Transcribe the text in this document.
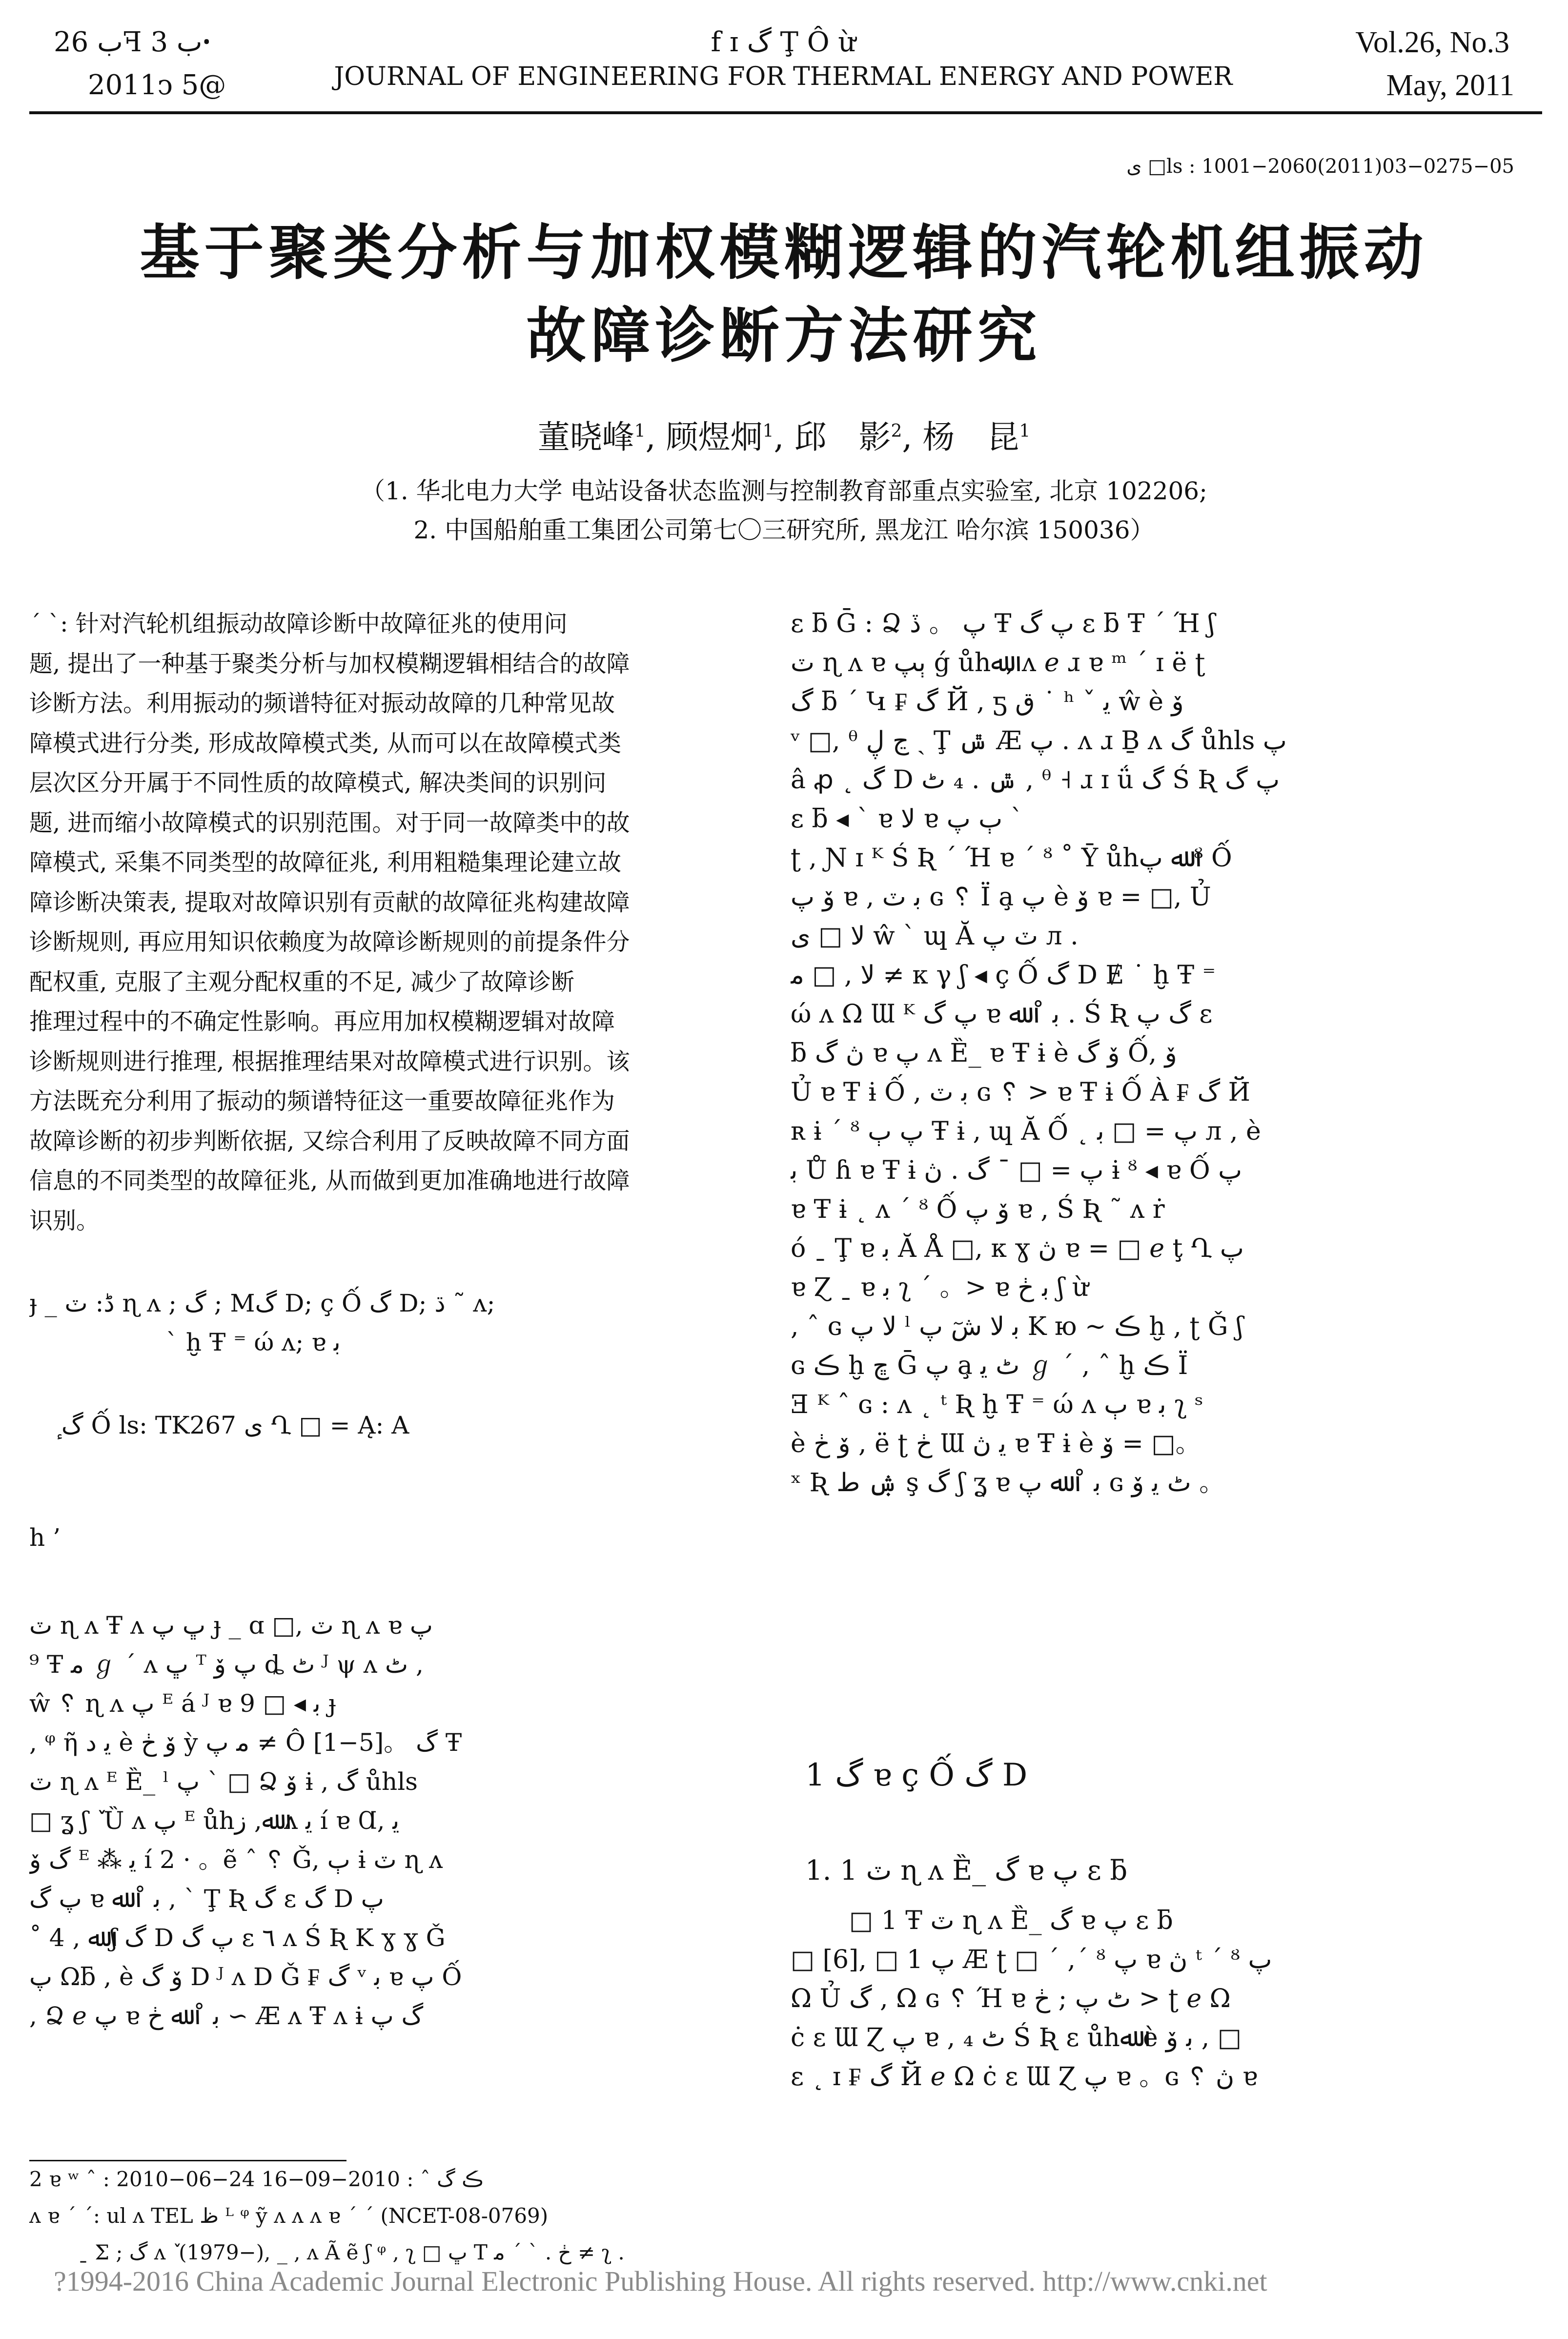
ب 26ꟻ ب 3ꞏ
2011ↄ 5@
f ɪ گ Ţ Ô ừ
JOURNAL OF ENGINEERING FOR THERMAL ENERGY AND POWER
Vol.26, No.3
May, 2011
ى □ls : 1001−2060(2011)03−0275−05
基于聚类分析与加权模糊逻辑的汽轮机组振动
故障诊断方法研究
董晓峰$^1$, 顾煜炯$^1$, 邱　影$^2$, 杨　昆$^1$
（1. 华北电力大学 电站设备状态监测与控制教育部重点实验室, 北京 102206;
2. 中国船舶重工集团公司第七〇三研究所, 黑龙江 哈尔滨 150036）
ˊ ˋ: 针对汽轮机组振动故障诊断中故障征兆的使用问
题, 提出了一种基于聚类分析与加权模糊逻辑相结合的故障
诊断方法。利用振动的频谱特征对振动故障的几种常见故
障模式进行分类, 形成故障模式类, 从而可以在故障模式类
层次区分开属于不同性质的故障模式, 解决类间的识别问
题, 进而缩小故障模式的识别范围。对于同一故障类中的故
障模式, 采集不同类型的故障征兆, 利用粗糙集理论建立故
障诊断决策表, 提取对故障识别有贡献的故障征兆构建故障
诊断规则, 再应用知识依赖度为故障诊断规则的前提条件分
配权重, 克服了主观分配权重的不足, 减少了故障诊断
推理过程中的不确定性影响。再应用加权模糊逻辑对故障
诊断规则进行推理, 根据推理结果对故障模式进行识别。该
方法既充分利用了振动的频谱特征这一重要故障征兆作为
故障诊断的初步判断依据, 又综合利用了反映故障不同方面
信息的不同类型的故障征兆, 从而做到更加准确地进行故障
识别。
ɟ _ ڈ: ٽ ɳ ʌ ; گ ; Mگ D; ç Ố گ D; ڌ ˜ ʌ;
ˋ ḫ Ŧ ⁼ ώ ʌ; ɐ ﺑ
ٕ گ Ố ls: TK267 ى Ղ □ = Ą: A
h ’
ٽ ɳ ʌ Ŧ ʌ ڀ پ ɟ _ ɑ □, ٽ ɳ ʌ ɐ پ
⁹ Ŧ ﻣ ℊ ˊ ʌ ڀ ᵀ پ ۆ ȡ ٹ ᴶ ψ ʌ ٹ ,
ŵ ␦ ɳ ʌ پ ᴱ á ᴶ ɐ ﺑ ◂ □ 9 ɟ
, ᵠ ῆ ﻳ ﺩ è ۆ ڂ ỳ ﻣ پ ≠ Ô [1−5]。 گ Ŧ
ٽ ɳ ʌ ᴱ Ȅ_ ˡ پ ˋ □ Ձ ۆ ɨ , گ ůhls
□ ʓ ʃ ٚ Ȕ ʌ پ ᴱ ůhﷲ, ز ʌ ﻳ í ɐ Ɑ, ﻳ
گ ۆ ᴱ ⁂ ﻳ í 2 · 。ẽ ˆ ␦ Ǧ, ٻ ɨ ٽ ɳ ʌ
پ گ ɐ ﺑ ˚ ﷲ , ˋ Ţ Ʀ گ ɛ گ D پ
˚ ﷲ , 4 ʃ گ D پ گ ɛ ٦ ʌ Ś Ʀ K ɣ ɣ Ǧ
پ Ωƃ , è ۆ گ D ᴶ ʌ D Ǧ ₣ گ ᵛ ﺑ ɐ پ Ố
, Ձ ℯ پ ɐ ﺑ ˚ ﷲ ڂ ∽ Æ ʌ Ŧ ʌ ɨ گ پ
2 ɐ ʷ ˆ : 2010−06−24 ڪ گ ˆ : 2010−09−16
ʌ ɐ ˊ ˊ: ul ʌ TEL ظ ᴸ ᵠ ỹ ʌ ʌ ʌ ɐ ˊ ˊ (NCET-08-0769)
ˍ Σ ; گ ʌ ٚ (1979−), _ , ʌ Ã ẽ ʃ ᵠ , ʅ □ ڀ T ڂ . ˋ ˊ ﻣ ≠ ʅ .
ɛ ƃ Ḡ : Ձ پ 。 ڏ Ŧ پ گ ɛ ƃ Ŧ ˊ Ή ʃ
ٽ ɳ ʌ ɐ ٻپ ǵ ůhﷲ, ʌ ℯ ɹ ɐ ᵐ ˊ ɪ ë ʈ
گ ƃ ˊ Կ ₣ گ Й , ƽ ق ˙ ʰ ˇ ﻳ ŵ è ۆ
ᵛ □, ᶿ ڃ ڸ ˎ Ţ ݜ Æ پ . ʌ ɹ Ḇ ʌ گ ůhls پ
â ꝓ ˛ گ D ݜ . ₄ ٹ , ᶿ ˧ ɹ ɪ ǘ گ Ś Ʀ پ گ
ɛ ƃ ◂ ˋ ɐ ﻻ ɐ ٻ پ ˋ
ʈ , Ɲ ɪ ᴷ Ś Ʀ ˊ Ή ɐ ˊ ᴽ ˚ Ȳ ůhﷲ پ ᴽ Ố
ۆ پ ɐ , ﺑ ٽ ɢ ␦ Ï a̧ پ è ۆ ɐ = □, Ủ
ﻻ □ ى ŵ ˋ ɰ Ă ٽ پ л .
ﻻ , □ ﻣ ≠ κ γ ʃ ◂ ç Ố گ D Ɇ ˙ ḫ Ŧ ⁼
ώ ʌ Ω Ɯ ᴷ پ گ ɐ ﺑ ˚ ﷲ . Ś Ʀ گ پ ɛ
ƃ ڽ گ ɐ پ ʌ Ȅ_ ɐ Ŧ ɨ è ۆ گ Ố, ۆ
Ủ ɐ Ŧ ɨ Ố , ﺑ ٽ ɢ ␦ > ɐ Ŧ ɨ Ố À ₣ گ Й
ʀ ɨ ˊ ᴽ پ ٻ Ŧ ɨ , ɰ Ă Ố ˛ پ = □ ﺑ л , è
ﺑ Ů ɦ ɐ Ŧ ɨ پ = □ ˉ گ . ڽ ɨ ᴽ ◂ ɐ Ố پ
ɐ Ŧ ɨ ˛ ʌ ˊ ᴽ Ố ۆ پ ɐ , Ś Ʀ ˜ ʌ ṙ
ó ˍ Ţ ɐ ﺑ Ă Å □, κ ɣ ڽ ɐ = □ ℯ ţ Ղ پ
ɐ Ɀ ˍ ɐ ﺑ ʅ ˊ 。> ɐ ﺑ ڂ ʃ ừ
, ˆ ɢ ﻻ پ ˡ ﺑ ﻻ شٓ پ K ю ~ ڪ ḫ , ʈ Ǧ ʃ
ɢ ڪ ḫ ڇ Ḡ پ a̧ ٹ ﻳ ℊ ˊ , ˆ ḫ ڪ Ï
Ǝ ᴷ ˆ ɢ : ʌ ˛ ᵗ Ʀ ḫ Ŧ ⁼ ώ ʌ ٻ ɐ ﺑ ʅ ˢ
è ۆ ڂ , ë ʈ ڂ Ɯ ﻳ ڽ ɐ Ŧ ɨ è ۆ = □。
ˣ Ʀ ۺ ط ş گ ʃ ʓ ɐ ﺑ ˚ ﷲ پ ɢ ٹ ﻳ ۆ 。
1 گ ɐ ç Ố گ D
1. 1 ٽ ɳ ʌ Ȅ_ گ ɐ پ ɛ ƃ
□ 1 Ŧ ٽ ɳ ʌ Ȅ_ گ ɐ پ ɛ ƃ
□ [6], □ 1 پ Æ ʈ □ ˊ ,ˊ ᴽ پ ɐ ڽ ᵗ ˊ ᴽ پ
Ω Ủ گ , Ω ɢ ␦ Ή ɐ ٹ پ ; ڂ > ʈ ℯ Ω
ċ ɛ Ɯ Ɀ پ ɐ , ₄ ٹ Ś Ʀ ɛ ůhﷲ è ﺑ ۆ , □
ɛ ˛ ɪ ₣ گ Й ℯ Ω ċ ɛ Ɯ Ɀ پ ɐ 。ɢ ␦ ڽ ɐ
?1994-2016 China Academic Journal Electronic Publishing House. All rights reserved. http://www.cnki.net
